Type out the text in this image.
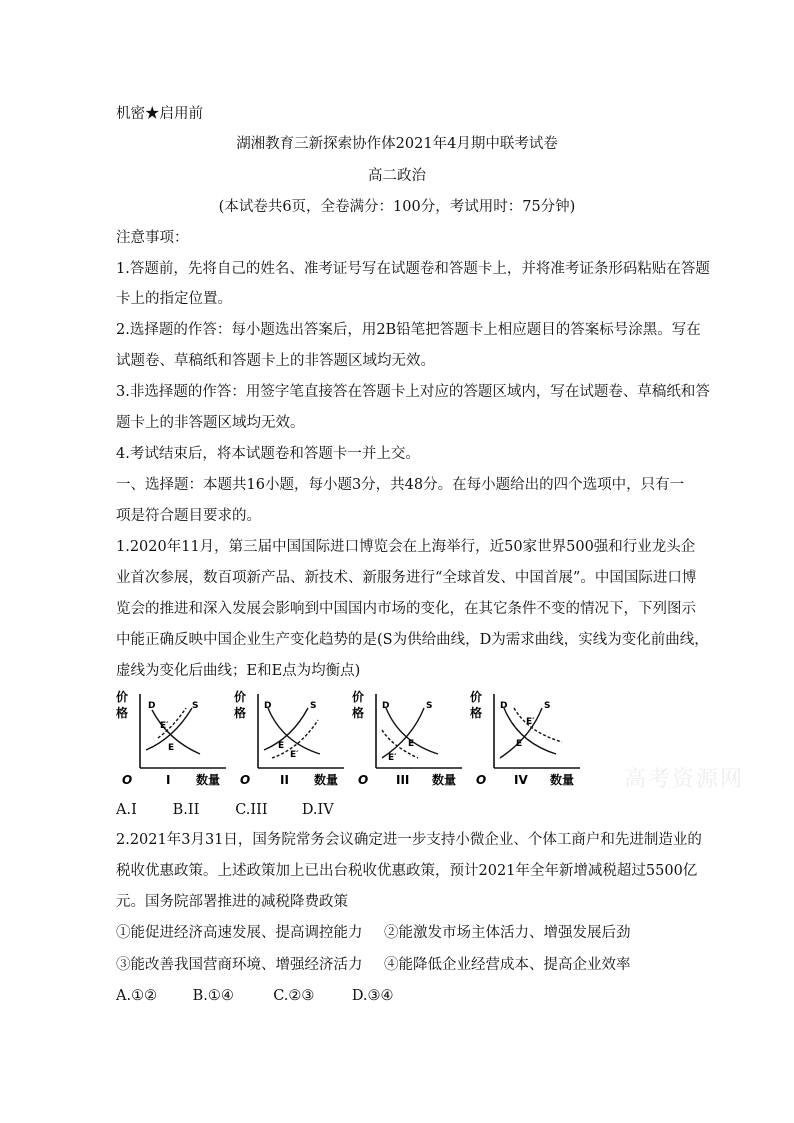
机密★启用前
湖湘教育三新探索协作体2021年4月期中联考试卷
高二政治
(本试卷共6页，全卷满分：100分，考试用时：75分钟)
注意事项：
1.答题前，先将自己的姓名、准考证号写在试题卷和答题卡上，并将准考证条形码粘贴在答题
卡上的指定位置。
2.选择题的作答：每小题选出答案后，用2B铅笔把答题卡上相应题目的答案标号涂黑。写在
试题卷、草稿纸和答题卡上的非答题区域均无效。
3.非选择题的作答：用签字笔直接答在答题卡上对应的答题区域内，写在试题卷、草稿纸和答
题卡上的非答题区域均无效。
4.考试结束后，将本试题卷和答题卡一并上交。
一、选择题：本题共16小题，每小题3分，共48分。在每小题给出的四个选项中，只有一
项是符合题目要求的。
1.2020年11月，第三届中国国际进口博览会在上海举行，近50家世界500强和行业龙头企
业首次参展，数百项新产品、新技术、新服务进行“全球首发、中国首展”。中国国际进口博
览会的推进和深入发展会影响到中国国内市场的变化，在其它条件不变的情况下，下列图示
中能正确反映中国企业生产变化趋势的是(S为供给曲线，D为需求曲线，实线为变化前曲线，
虚线为变化后曲线；E和E点为均衡点)
价
格
O	I 数量
D	S
E′
E
价
格
O II 数量
D	S
E
E′
价
格
O III 数量
D	S
E
E′
价
格
O IV 数量
D	S
E′
E
高考资源网
A.I B.II C.III D.IV
2.2021年3月31日，国务院常务会议确定进一步支持小微企业、个体工商户和先进制造业的
税收优惠政策。上述政策加上已出台税收优惠政策，预计2021年全年新增减税超过5500亿
元。国务院部署推进的减税降费政策
①能促进经济高速发展、提高调控能力 ②能激发市场主体活力、增强发展后劲
③能改善我国营商环境、增强经济活力 ④能降低企业经营成本、提高企业效率
A.①② B.①④	C.②③	D.③④
